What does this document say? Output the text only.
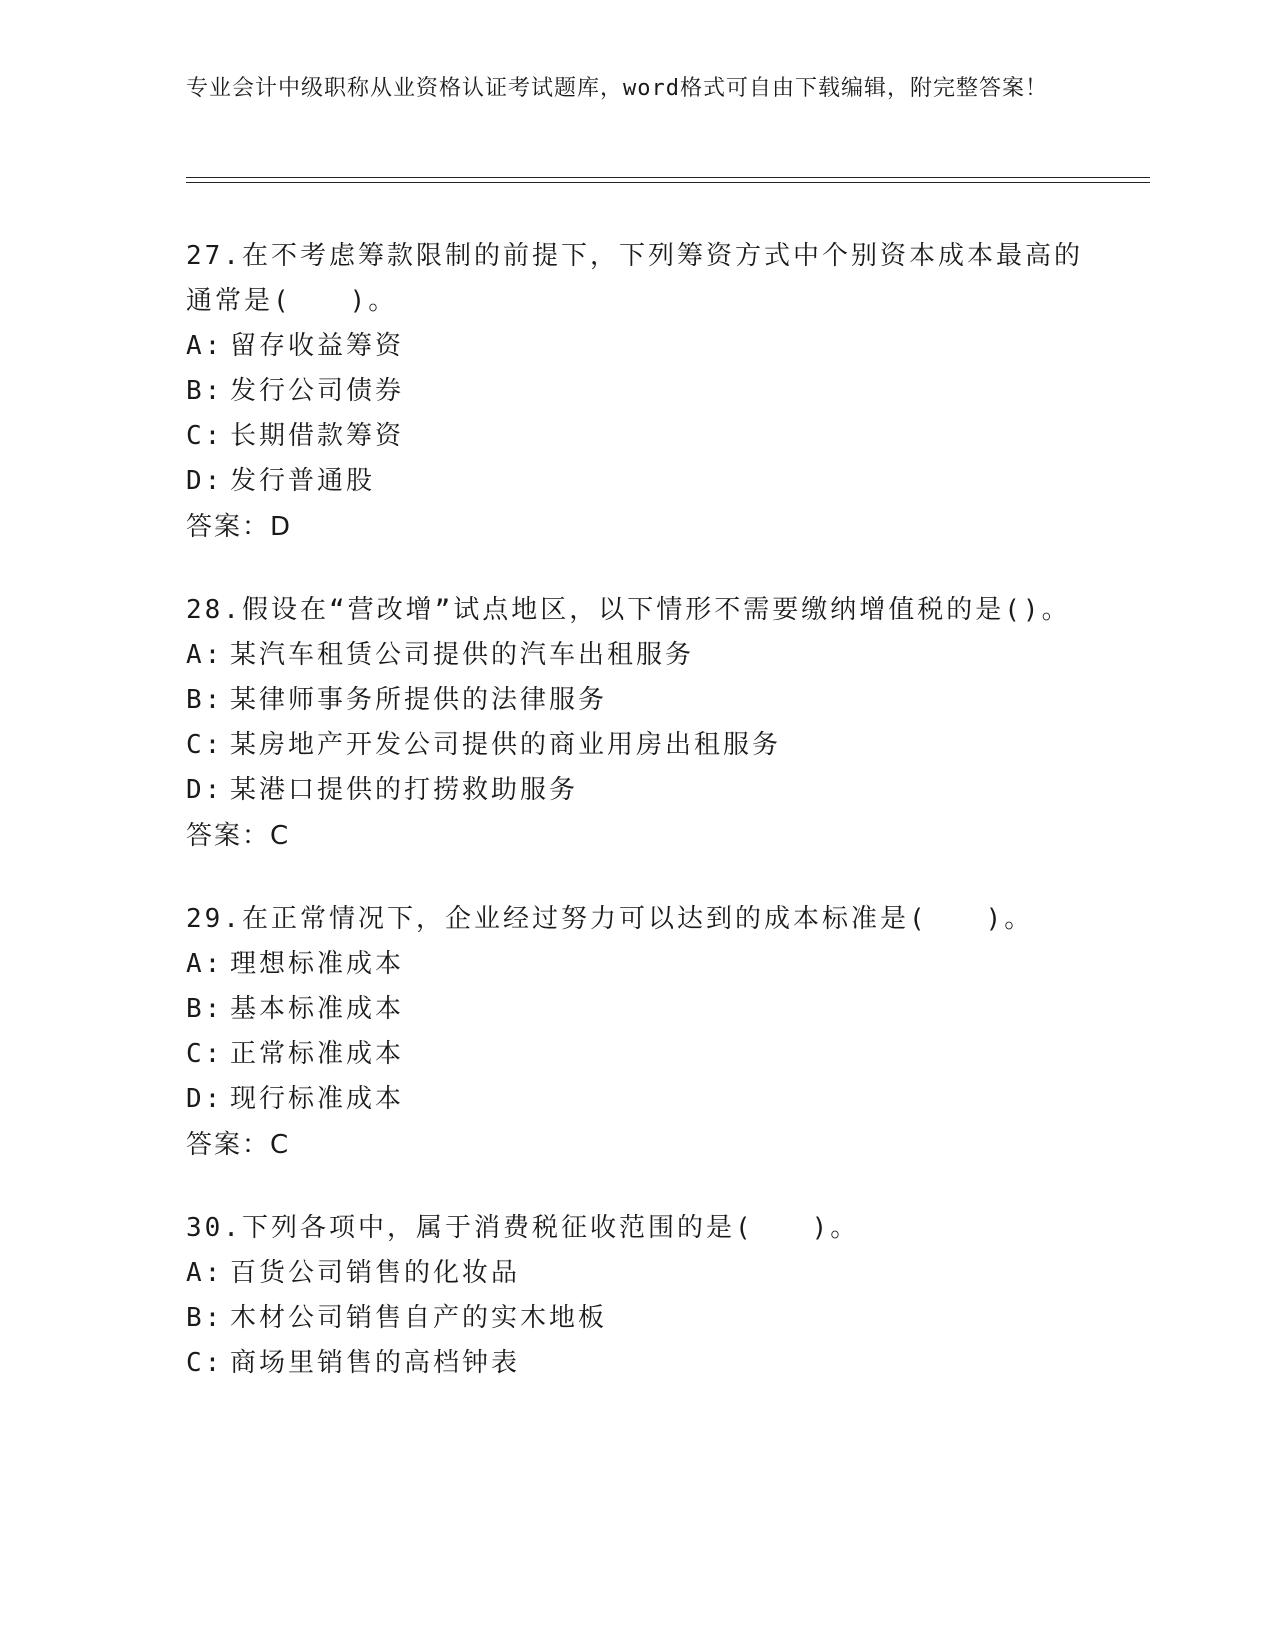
专业会计中级职称从业资格认证考试题库，word格式可自由下载编辑，附完整答案！

27.在不考虑筹款限制的前提下，下列筹资方式中个别资本成本最高的通常是(　　)。

A: 留存收益筹资
B: 发行公司债券
C: 长期借款筹资
D: 发行普通股
答案：D

28.假设在“营改增”试点地区，以下情形不需要缴纳增值税的是()。

A: 某汽车租赁公司提供的汽车出租服务
B: 某律师事务所提供的法律服务
C: 某房地产开发公司提供的商业用房出租服务
D: 某港口提供的打捞救助服务
答案：C

29.在正常情况下，企业经过努力可以达到的成本标准是(　　)。

A: 理想标准成本
B: 基本标准成本
C: 正常标准成本
D: 现行标准成本
答案：C

30.下列各项中，属于消费税征收范围的是(　　)。

A: 百货公司销售的化妆品
B: 木材公司销售自产的实木地板
C: 商场里销售的高档钟表
